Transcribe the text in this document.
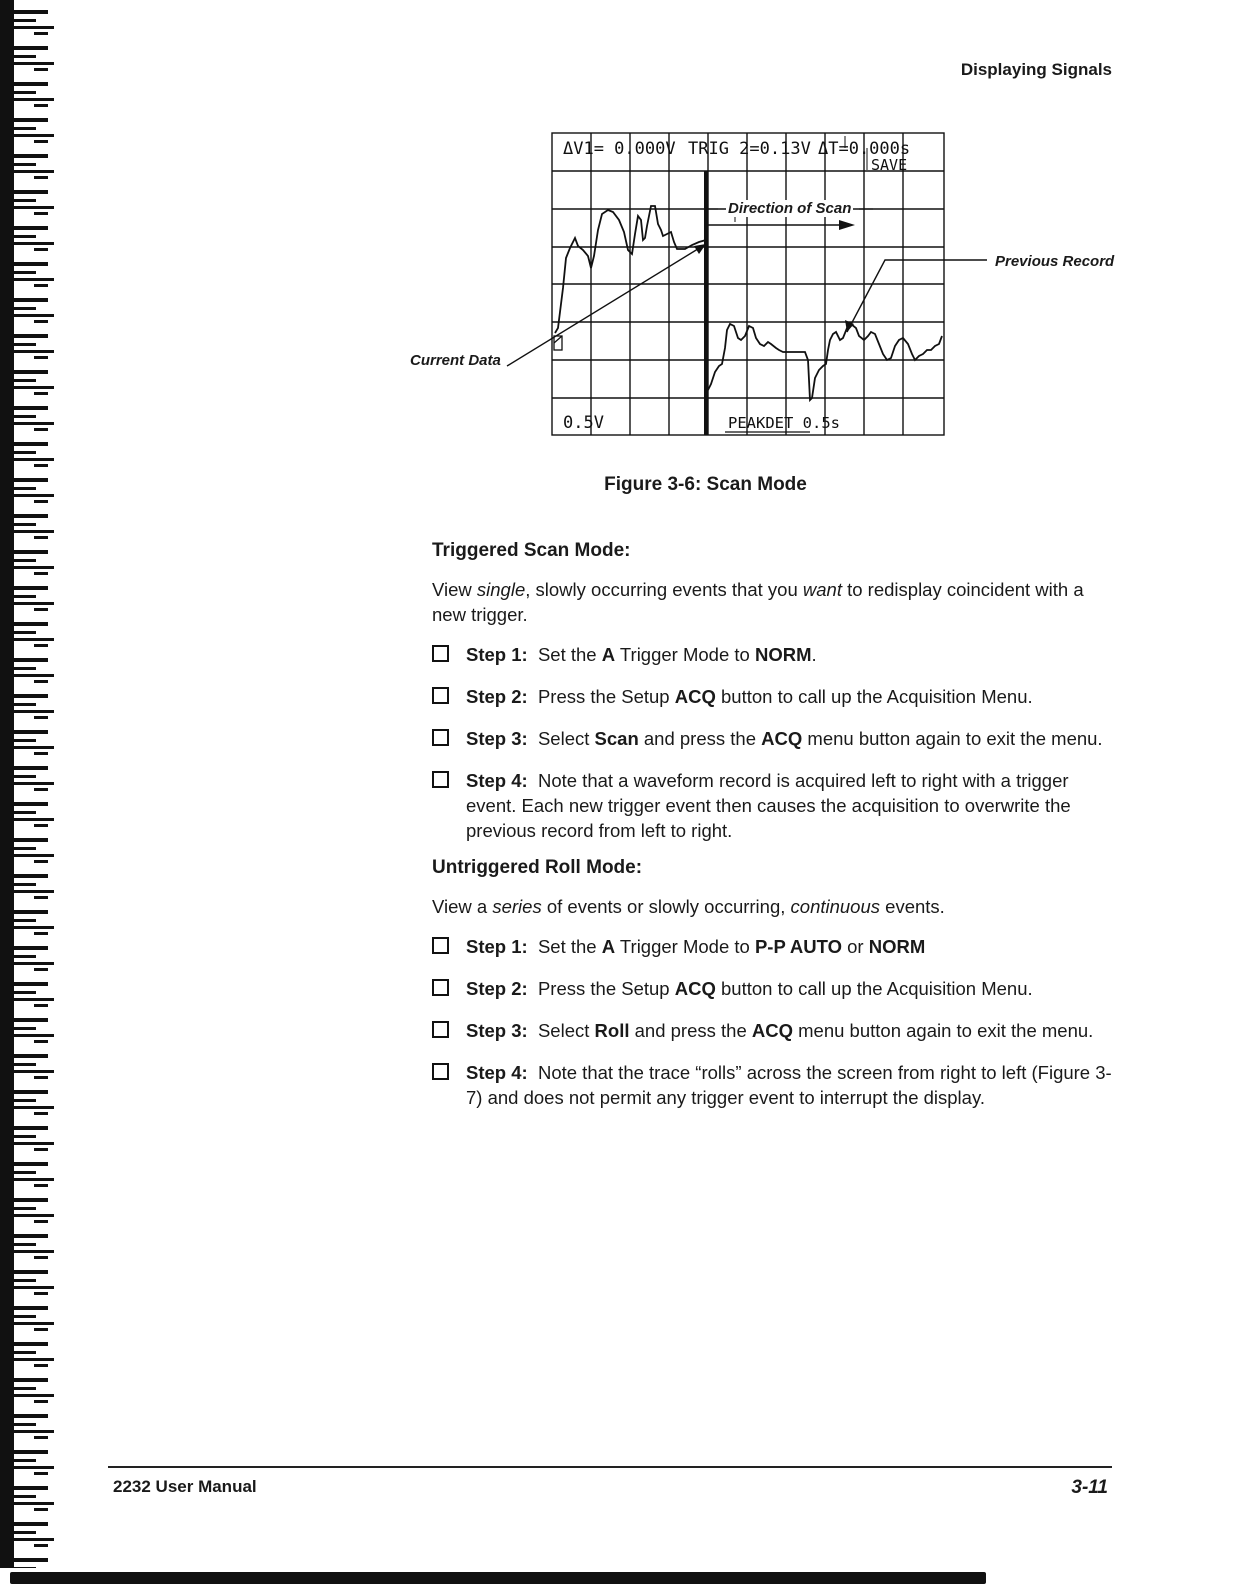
Displaying Signals
ΔV1= 0.000V TRIG 2=0.13V ΔT=0.000s
SAVE
0.5V	PEAKDET 0.5s
Direction of Scan
Previous Record
Current Data
Figure 3-6: Scan Mode
Triggered Scan Mode:

View single, slowly occurring events that you want to redisplay coincident with a new trigger.

Step 1: Set the A Trigger Mode to NORM.
Step 2: Press the Setup ACQ button to call up the Acquisition Menu.
Step 3: Select Scan and press the ACQ menu button again to exit the menu.
Step 4: Note that a waveform record is acquired left to right with a trigger event. Each new trigger event then causes the acquisition to overwrite the previous record from left to right.
Untriggered Roll Mode:

View a series of events or slowly occurring, continuous events.

Step 1: Set the A Trigger Mode to P-P AUTO or NORM
Step 2: Press the Setup ACQ button to call up the Acquisition Menu.
Step 3: Select Roll and press the ACQ menu button again to exit the menu.
Step 4: Note that the trace “rolls” across the screen from right to left (Figure 3-7) and does not permit any trigger event to interrupt the display.
2232 User Manual	3-11
